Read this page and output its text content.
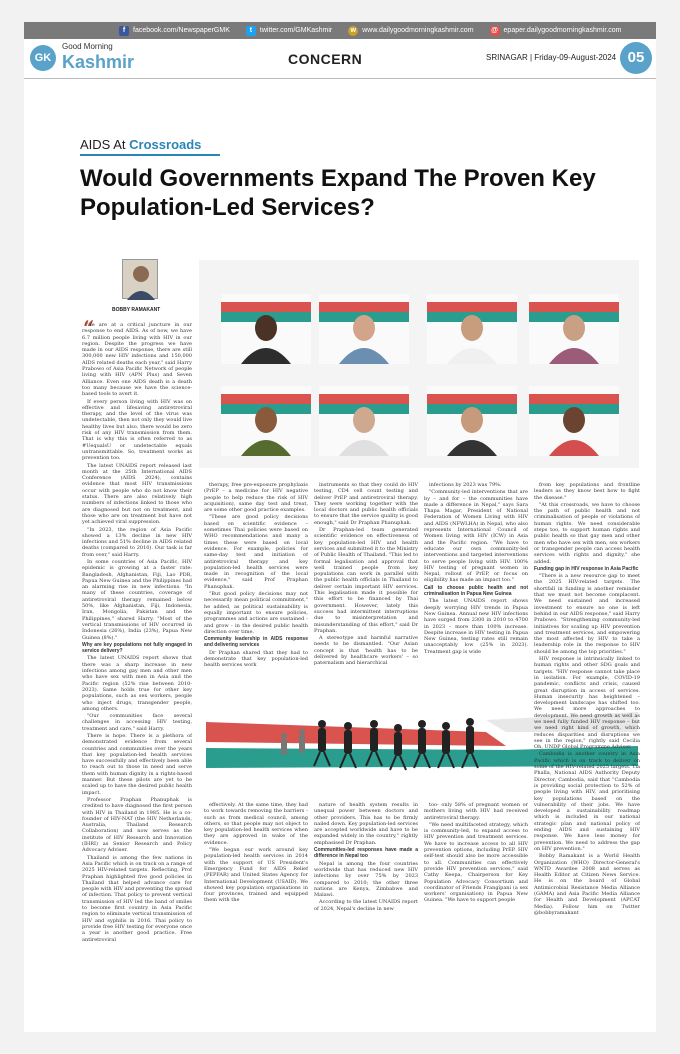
f	facebook.com/NewspaperGMK	t	twitter.com/GMKashmir	w www.dailygoodmorningkashmir.com	@ epaper.dailygoodmorningkashmir.com
GK
Good Morning
Kashmir	CONCERN	SRINAGAR | Friday-09-August-2024 05
AIDS At Crossroads
Would Governments Expand The Proven Key Population-Led Services?
BOBBY RAMAKANT
“

We are at a critical juncture in our response to end AIDS. As of now, we have 6.7 million people living with HIV in our region. Despite the progress we have made in our AIDS response, there are still 300,000 new HIV infections and 150,000 AIDS related deaths each year," said Harry Prabowo of Asia Pacific Network of people living with HIV (APN Plus) and Seven Alliance. Even one AIDS death is a death too many because we have the science-based tools to avert it.

If every person living with HIV was on effective and lifesaving antiretroviral therapy, and the level of the virus was undetectable, then not only they would live healthy lives but also, there would be zero risk of any HIV transmission from them. That is why this is often referred to as #UequalsU or undetectable equals untransmittable. So, treatment works as prevention too.

The latest UNAIDS report released last month at the 25th International AIDS Conference (AIDS 2024), contains evidence that most HIV transmissions occur with people who do not know their status. There are also relatively high numbers of infections linked to those who are diagnosed but not on treatment, and those who are on treatment but have not yet achieved viral suppression.

"In 2023, the region of Asia Pacific showed a 13% decline in new HIV infections and 51% decline in AIDS related deaths (compared to 2010). Our task is far from over," said Harry.

In some countries of Asia Pacific, HIV epidemic is growing at a faster rate: Bangladesh, Afghanistan, Fiji, Lao PDR, Papua New Guinea and the Philippines had an alarming rise in new infections. "In many of these countries, coverage of antiretroviral therapy remained below 50%, like Afghanistan, Fiji, Indonesia, Iran, Mongolia, Pakistan and the Philippines," shared Harry. "Most of the vertical transmissions of HIV occurred in Indonesia (26%), India (23%), Papua New Guinea (8%)."

Why are key populations not fully engaged in service delivery?

The latest UNAIDS report shows that there was a sharp increase in new infections among gay men and other men who have sex with men in Asia and the Pacific region (52% rise between 2010-2023). Same holds true for other key populations, such as sex workers, people who inject drugs, transgender people, among others.

"Our communities face several challenges in accessing HIV testing, treatment and care," said Harry.

There is hope. There is a plethora of demonstrated evidence from several countries and communities over the years that key population-led health services have successfully and effectively been able to reach out to those in need and serve them with human dignity in a rights-based manner. But these pilots are yet to be scaled up to have the desired public health impact.

Professor Praphan Phanuphak is credited to have diagnosed the first person with HIV in Thailand in 1985. He is a co-founder of HIV-NAT (the HIV Netherlands, Australia, Thailand Research Collaboration) and now serves as the institute of HIV Research and Innovation (IHRI) as Senior Research and Policy Advocacy Adviser.

Thailand is among the few nations in Asia Pacific which is on track on a range of 2025 HIV-related targets. Reflecting, Prof Praphan highlighted five good policies in Thailand that helped advance care for people with HIV and preventing the spread of infection. That policy to prevent vertical transmission of HIV led the band of smiles to become first country in Asia Pacific region to eliminate vertical transmission of HIV and syphilis in 2016. Thai policy to provide free HIV testing for everyone once a year is another good practice. Free antiretroviral

therapy, free pre-exposure prophylaxis (PrEP – a medicine for HIV negative people to help reduce the risk of HIV acquisition), same day test and treat, are some other good practice examples.

"These are good policy decisions based on scientific evidence – sometimes Thai policies were based on WHO recommendations and many a times these were based on local evidence. For example, policies for same-day test and initiation of antiretroviral therapy and key population-led health services were made in recognition of the local evidence," said Prof Praphan Phanuphak.

"But good policy decisions may not necessarily mean political commitment," he added, as political sustainability is equally important to ensure policies, programmes and actions are sustained - and grow - in the desired public health direction over time.

Community leadership in AIDS response and delivering services

Dr Praphan shared that they had to demonstrate that key population-led health services work

instruments so that they could do HIV testing, CD4 cell count testing and deliver PrEP and antiretroviral therapy. They were working together with the local doctors and public health officials to ensure that the service quality is good enough," said Dr Praphan Phanuphak.

Dr Praphan-led team generated scientific evidence on effectiveness of key population-led HIV and health services and submitted it to the Ministry of Public Health of Thailand. "This led to formal legalisation and approval that well trained people from key populations can work in parallel with the public health officials in Thailand to deliver certain important HIV services. This legalisation made it possible for this effort to be financed by Thai government. However, lately this success had intermittent interruptions due to misinterpretation and misunderstanding of this effort," said Dr Praphan.

A stereotype and harmful narrative needs to be dismantled. "Our Asian concept is that 'health has to be delivered by healthcare workers' – so paternalism and hierarchical

infections by 2023 was 79%.

"Community-led interventions that are by – and for – the communities have made a difference in Nepal," says Sara Thapa Magar, President of National Federation of Women Living with HIV and AIDS (NFWLHA) in Nepal, who also represents International Council of Women living with HIV (ICW) in Asia and the Pacific region. "We have to educate our own community-led interventions and targeted interventions to serve people living with HIV. 100% HIV testing of pregnant women in Nepal, rollout of PrEP, or focus on eligibility has made an impact too."

Call to choose public health and not criminalisation in Papua New Guinea

The latest UNAIDS report shows deeply worrying HIV trends in Papua New Guinea. Annual new HIV infections have surged from 2300 in 2010 to 4700 in 2023 – more than 100% increase. Despite increase in HIV testing in Papua New Guinea, testing rates still remain unacceptably low (25% in 2023). Treatment gap is wide

effectively. At the same time, they had to work towards removing the barriers - such as from medical council, among others, so that people may not object to key population-led health services when they are approved in wake of the evidence.

"We began our work around key population-led health services in 2014 with the support of US President's Emergency Fund for AIDS Relief (PEPFAR) and United States Agency for International Development (USAID). We showed key population organisations in four provinces, trained and equipped them with the

nature of health system results in unequal power between doctors and other providers. This has to be firmly nailed down. Key population-led services are accepted worldwide and have to be expanded widely in the country," rightly emphasised Dr Praphan.

Communities-led responses have made a difference in Nepal too

Nepal is among the four countries worldwide that has reduced new HIV infections by over 75% by 2023 compared to 2010; the other three nations are Kenya, Zimbabwe and Malawi.

According to the latest UNAIDS report of 2024, Nepal's decline in new

too- only 58% of pregnant women or mothers living with HIV had received antiretroviral therapy.

"We need multifaceted strategy, which is community-led, to expand access to HIV prevention and treatment services. We have to increase access to all HIV prevention options, including PrEP. HIV self-test should also be more accessible to all. Communities can effectively provide HIV prevention services," said Cathy Keepa, Chairperson for Key Population Advocacy Consortium and coordinator of Friends Frangipani (a sex workers' organisation) in Papua New Guinea. "We have to support people

from key populations and frontline leaders as they know best how to fight the disease."

"At this crossroads, we have to choose the path of public health and not criminalisation of people or violations of human rights. We need considerable steps too, to support human rights and public health so that gay men and other men who have sex with men, sex workers or transgender people can access health services with rights and dignity," she added.

Funding gap in HIV response in Asia Pacific

"There is a new resource gap to meet the 2025 HIV-related targets. The shortfall in funding is another reminder that we must not become complacent. We need sustained and increased investment to ensure no one is left behind in our AIDS response," said Harry Prabowo. "Strengthening community-led initiatives for scaling up HIV prevention and treatment services, and empowering the most affected by HIV to take a leadership role in the response to HIV should be among the top priorities."

HIV response is intrinsically linked to human rights and other SDG goals and targets. "HIV response cannot take place in isolation. For example, COVID-19 pandemic, conflicts and crisis, caused great disruption in access of services. Human insecurity has heightened – development landscape has shifted too. We need more approaches to development. We need growth as well as we need fully funded HIV response – but we need right kind of growth, which reduces disparities and disruptions we see in the region," rightly said Cecilia Oh, UNDP Global Programme Adviser.

Cambodia is another country in Asia Pacific which is on track to deliver on some of the HIV-related 2025 targets. Tia Phalla, National AIDS Authority Deputy Director, Cambodia, said that "Cambodia is providing social protection to 52% of people living with HIV, and prioritising key populations based on the vulnerability of their jobs. We have developed a sustainability roadmap which is included in our national strategic plan and national policy of ending AIDS and sustaining HIV response. We have less money for prevention. We need to address the gap on HIV prevention."

Bobby Ramakant is a World Health Organization (WHO) Director-General's WNTD Awardee 2008 and serves as Health Editor at Citizen News Service. He is on the board of Global Antimicrobial Resistance Media Alliance (GAMA) and Asia Pacific Media Alliance for Health and Development (APCAT Media). Follow him on Twitter @bobbyramakant
